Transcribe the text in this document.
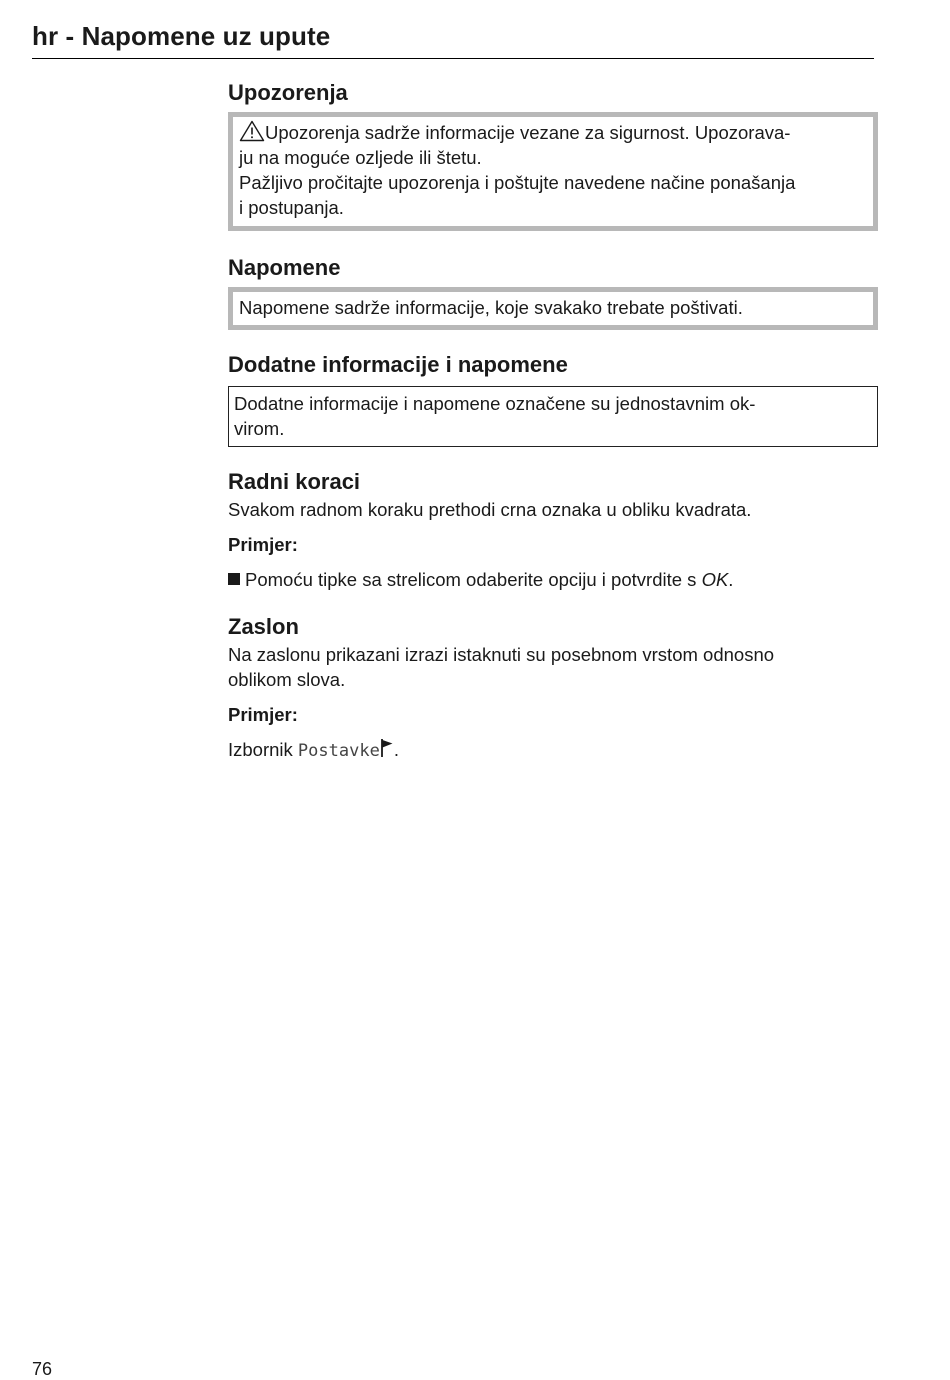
hr - Napomene uz upute
Upozorenja

Upozorenja sadrže informacije vezane za sigurnost. Upozorava-

ju na moguće ozljede ili štetu.

Pažljivo pročitajte upozorenja i poštujte navedene načine ponašanja

i postupanja.

Napomene

Napomene sadrže informacije, koje svakako trebate poštivati.

Dodatne informacije i napomene

Dodatne informacije i napomene označene su jednostavnim ok-

virom.

Radni koraci

Svakom radnom koraku prethodi crna oznaka u obliku kvadrata.

Primjer:

Pomoću tipke sa strelicom odaberite opciju i potvrdite s OK.

Zaslon

Na zaslonu prikazani izrazi istaknuti su posebnom vrstom odnosno

oblikom slova.

Primjer:

Izbornik Postavke .

76
